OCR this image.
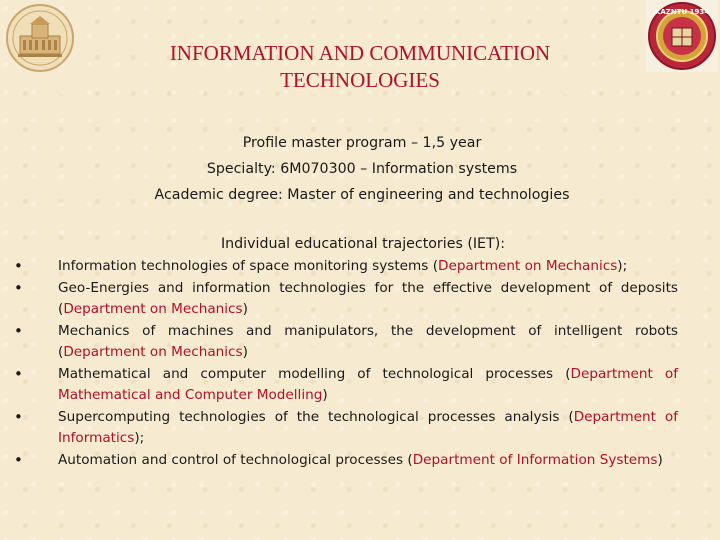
KAZNTU 1934
INFORMATION AND COMMUNICATION
TECHNOLOGIES
Profile master program – 1,5 year
Specialty: 6M070300 – Information systems
Academic degree: Master of engineering and technologies
Individual educational trajectories (IET):
• Information technologies of space monitoring systems (Department on Mechanics);
• Geo-Energies and information technologies for the effective development of deposits (Department on Mechanics)
• Mechanics of machines and manipulators, the development of intelligent robots (Department on Mechanics)
• Mathematical and computer modelling of technological processes (Department of Mathematical and Computer Modelling)
• Supercomputing technologies of the technological processes analysis (Department of Informatics);
• Automation and control of technological processes (Department of Information Systems)
